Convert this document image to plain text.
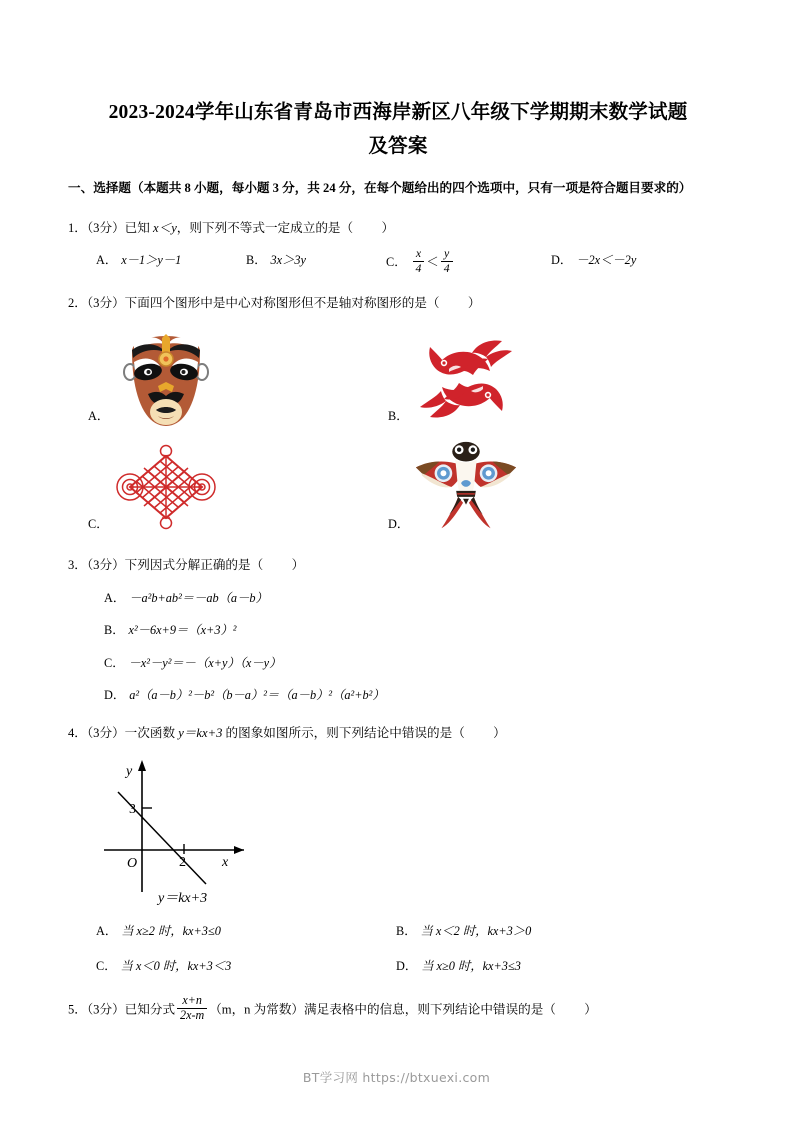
2023-2024学年山东省青岛市西海岸新区八年级下学期期末数学试题
及答案
一、选择题（本题共 8 小题，每小题 3 分，共 24 分，在每个题给出的四个选项中，只有一项是符合题目要求的）
1．（3分）已知 x＜y，则下列不等式一定成立的是（ ）
A． x－1＞y－1	B． 3x＞3y	C． $\frac{x}{4} < \frac{y}{4}$	D． －2x＜－2y
2．（3分）下面四个图形中是中心对称图形但不是轴对称图形的是（ ）
A．	B．
C．	D．
3．（3分）下列因式分解正确的是（ ）
A． －a²b+ab²＝－ab（a－b）
B． x²－6x+9＝（x+3）²
C． －x²－y²＝－（x+y）（x－y）
D． a²（a－b）²－b²（b－a）²＝（a－b）²（a²+b²）
4．（3分）一次函数 y＝kx+3 的图象如图所示，则下列结论中错误的是（ ）
3
2
O	x
y
y＝kx+3
A． 当 x≥2 时，kx+3≤0	B． 当 x＜2 时，kx+3＞0
C． 当 x＜0 时，kx+3＜3	D． 当 x≥0 时，kx+3≤3
5．（3分）已知分式 $\frac{x+n}{2x-m} (m$，n 为常数）满足表格中的信息，则下列结论中错误的是（ ）
BT学习网 https://btxuexi.com
